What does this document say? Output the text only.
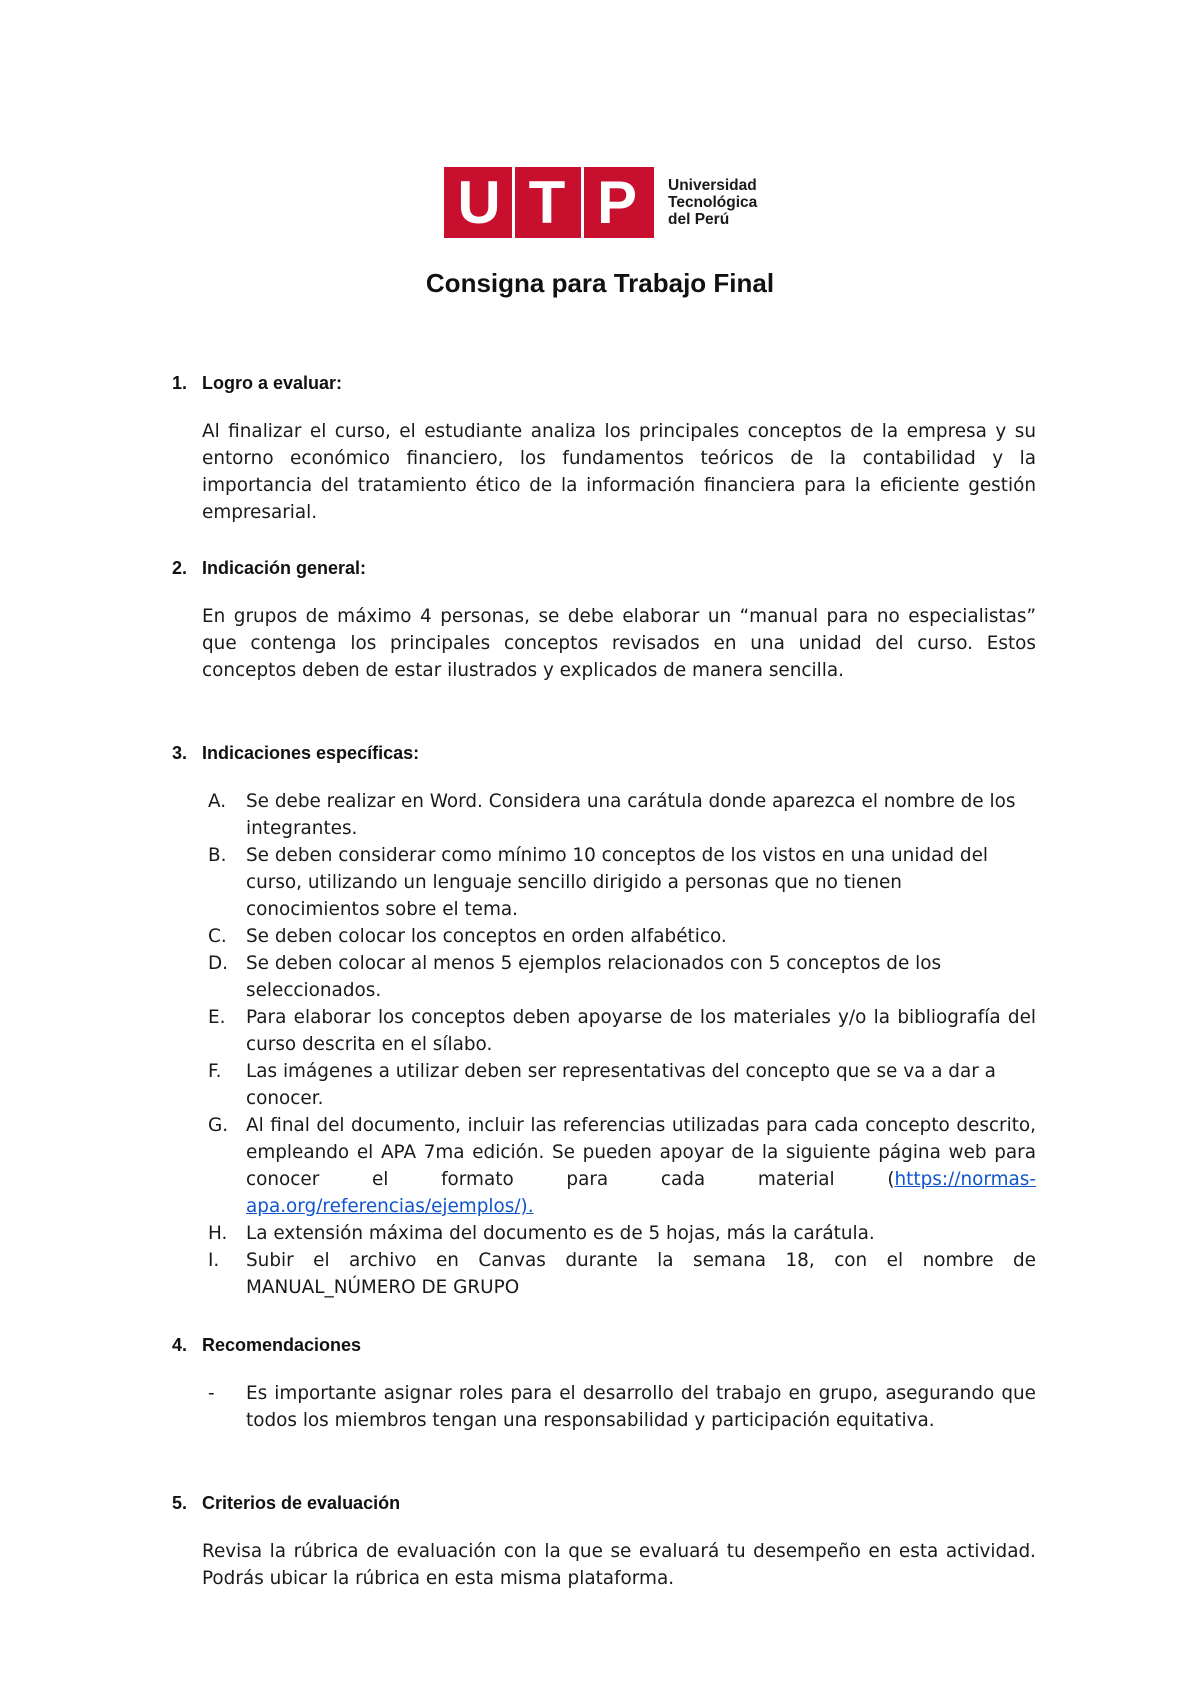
U T P	Universidad
Tecnológica
del Perú
Consigna para Trabajo Final
1. Logro a evaluar:
Al finalizar el curso, el estudiante analiza los principales conceptos de la empresa y su entorno económico financiero, los fundamentos teóricos de la contabilidad y la importancia del tratamiento ético de la información financiera para la eficiente gestión empresarial.
2. Indicación general:
En grupos de máximo 4 personas, se debe elaborar un “manual para no especialistas” que contenga los principales conceptos revisados en una unidad del curso. Estos conceptos deben de estar ilustrados y explicados de manera sencilla.
3. Indicaciones específicas:
A. Se debe realizar en Word. Considera una carátula donde aparezca el nombre de los integrantes.
B. Se deben considerar como mínimo 10 conceptos de los vistos en una unidad del curso, utilizando un lenguaje sencillo dirigido a personas que no tienen conocimientos sobre el tema.
C. Se deben colocar los conceptos en orden alfabético.
D. Se deben colocar al menos 5 ejemplos relacionados con 5 conceptos de los seleccionados.
E. Para elaborar los conceptos deben apoyarse de los materiales y/o la bibliografía del curso descrita en el sílabo.
F. Las imágenes a utilizar deben ser representativas del concepto que se va a dar a conocer.
G. Al final del documento, incluir las referencias utilizadas para cada concepto descrito, empleando el APA 7ma edición. Se pueden apoyar de la siguiente página web para conocer el formato para cada material (https://normas-apa.org/referencias/ejemplos/).
H. La extensión máxima del documento es de 5 hojas, más la carátula.
I. Subir el archivo en Canvas durante la semana 18, con el nombre de MANUAL_NÚMERO DE GRUPO
4. Recomendaciones
- Es importante asignar roles para el desarrollo del trabajo en grupo, asegurando que todos los miembros tengan una responsabilidad y participación equitativa.
5. Criterios de evaluación
Revisa la rúbrica de evaluación con la que se evaluará tu desempeño en esta actividad. Podrás ubicar la rúbrica en esta misma plataforma.
